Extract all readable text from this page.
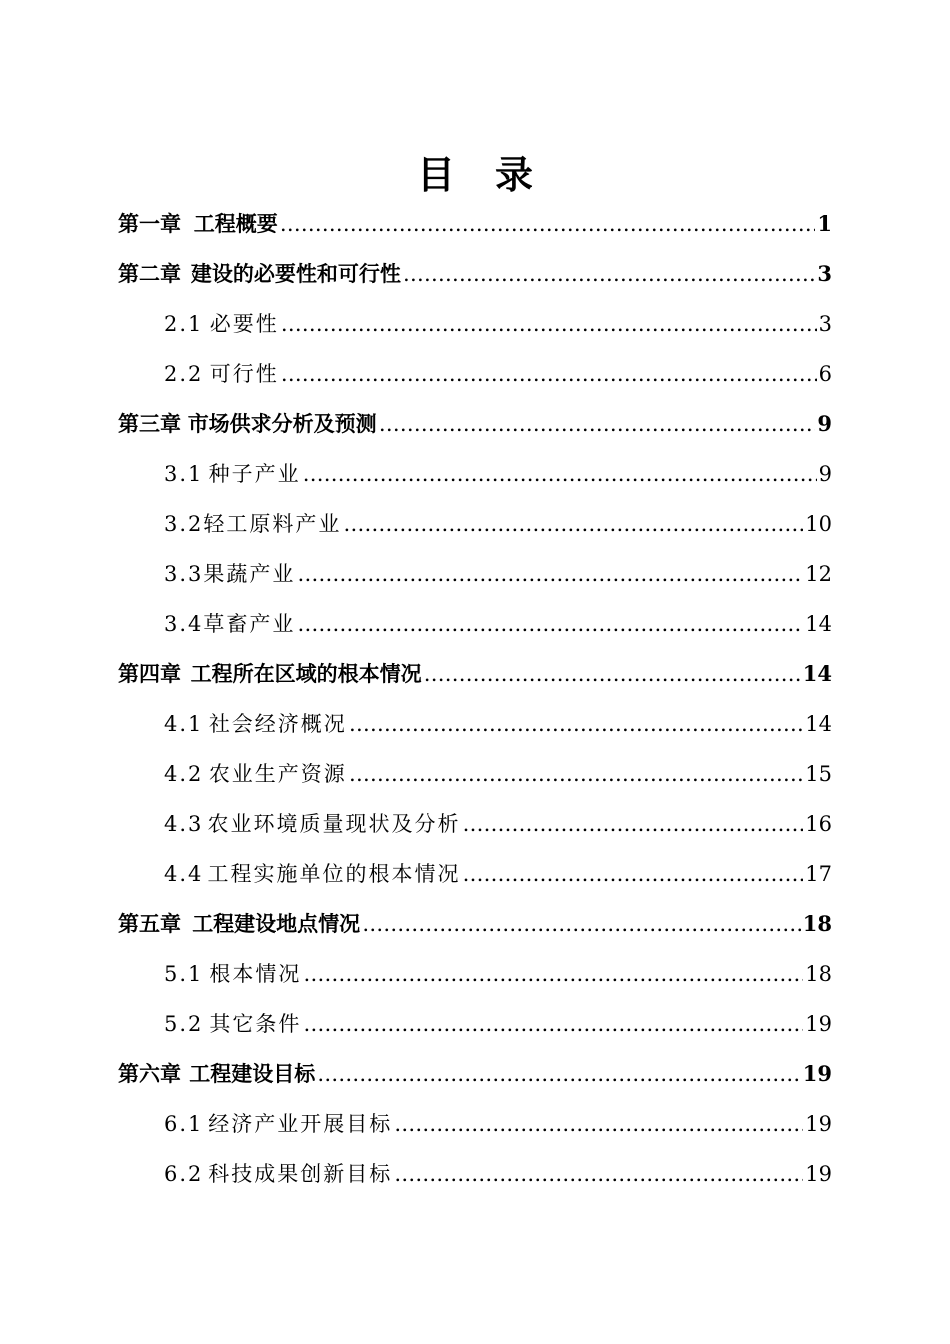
目 录
第一章 工程概要 ……………………………………………………………………………………………………………………………………………………	1
第二章 建设的必要性和可行性 ……………………………………………………………………………………………………………………………………………………	3
2.1 必要性 ……………………………………………………………………………………………………………………………………………………	3
2.2 可行性 ……………………………………………………………………………………………………………………………………………………	6
第三章 市场供求分析及预测 ……………………………………………………………………………………………………………………………………………………	9
3.1 种子产业 ……………………………………………………………………………………………………………………………………………………	9
3.2 轻工原料产业 ……………………………………………………………………………………………………………………………………………………	10
3.3 果蔬产业 ……………………………………………………………………………………………………………………………………………………	12
3.4 草畜产业 ……………………………………………………………………………………………………………………………………………………	14
第四章 工程所在区域的根本情况 ……………………………………………………………………………………………………………………………………………………	14
4.1 社会经济概况 ……………………………………………………………………………………………………………………………………………………	14
4.2 农业生产资源 ……………………………………………………………………………………………………………………………………………………	15
4.3 农业环境质量现状及分析 ……………………………………………………………………………………………………………………………………………………	16
4.4 工程实施单位的根本情况 ……………………………………………………………………………………………………………………………………………………	17
第五章 工程建设地点情况 ……………………………………………………………………………………………………………………………………………………	18
5.1 根本情况 ……………………………………………………………………………………………………………………………………………………	18
5.2 其它条件 ……………………………………………………………………………………………………………………………………………………	19
第六章 工程建设目标 ……………………………………………………………………………………………………………………………………………………	19
6.1 经济产业开展目标 ……………………………………………………………………………………………………………………………………………………	19
6.2 科技成果创新目标 ……………………………………………………………………………………………………………………………………………………	19
